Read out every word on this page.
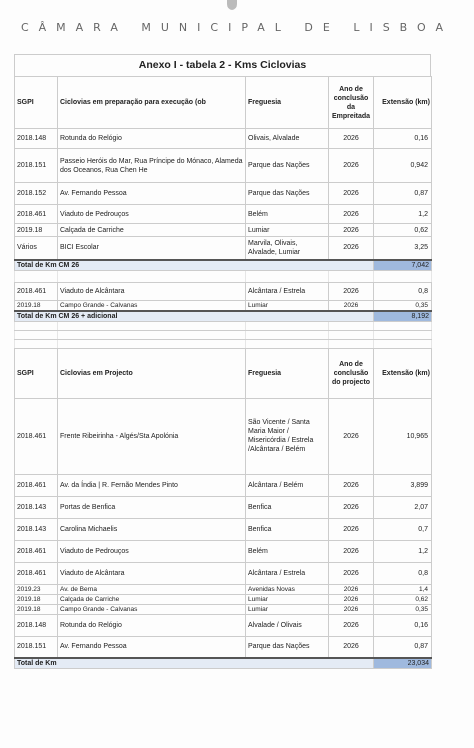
CÂMARA MUNICIPAL DE LISBOA
Anexo I - tabela 2 - Kms Ciclovias
SGPI	Ciclovias em preparação para execução (ob	Freguesia	Ano de conclusão da Empreitada	Extensão (km)
2018.148	Rotunda do Relógio	Olivais, Alvalade	2026	0,16
2018.151	Passeio Heróis do Mar, Rua Príncipe do Mónaco, Alameda dos Oceanos, Rua Chen He	Parque das Nações	2026	0,942
2018.152	Av. Fernando Pessoa	Parque das Nações	2026	0,87
2018.461	Viaduto de Pedrouços	Belém	2026	1,2
2019.18	Calçada de Carriche	Lumiar	2026	0,62
Vários	BICI Escolar	Marvila, Olivais, Alvalade, Lumiar	2026	3,25
Total de Km CM 26				7,042

2018.461	Viaduto de Alcântara	Alcântara / Estrela	2026	0,8
2019.18	Campo Grande - Calvanas	Lumiar	2026	0,35
Total de Km CM 26 + adicional				8,192

SGPI	Ciclovias em Projecto	Freguesia	Ano de conclusão do projecto	Extensão (km)
2018.461	Frente Ribeirinha - Algés/Sta Apolónia	São Vicente / Santa Maria Maior / Misericórdia / Estrela /Alcântara / Belém	2026	10,965
2018.461	Av. da Índia | R. Fernão Mendes Pinto	Alcântara / Belém	2026	3,899
2018.143	Portas de Benfica	Benfica	2026	2,07
2018.143	Carolina Michaelis	Benfica	2026	0,7
2018.461	Viaduto de Pedrouços	Belém	2026	1,2
2018.461	Viaduto de Alcântara	Alcântara / Estrela	2026	0,8
2019.23	Av. de Berna	Avenidas Novas	2026	1,4
2019.18	Calçada de Carriche	Lumiar	2026	0,62
2019.18	Campo Grande - Calvanas	Lumiar	2026	0,35
2018.148	Rotunda do Relógio	Alvalade / Olivais	2026	0,16
2018.151	Av. Fernando Pessoa	Parque das Nações	2026	0,87
Total de Km				23,034
